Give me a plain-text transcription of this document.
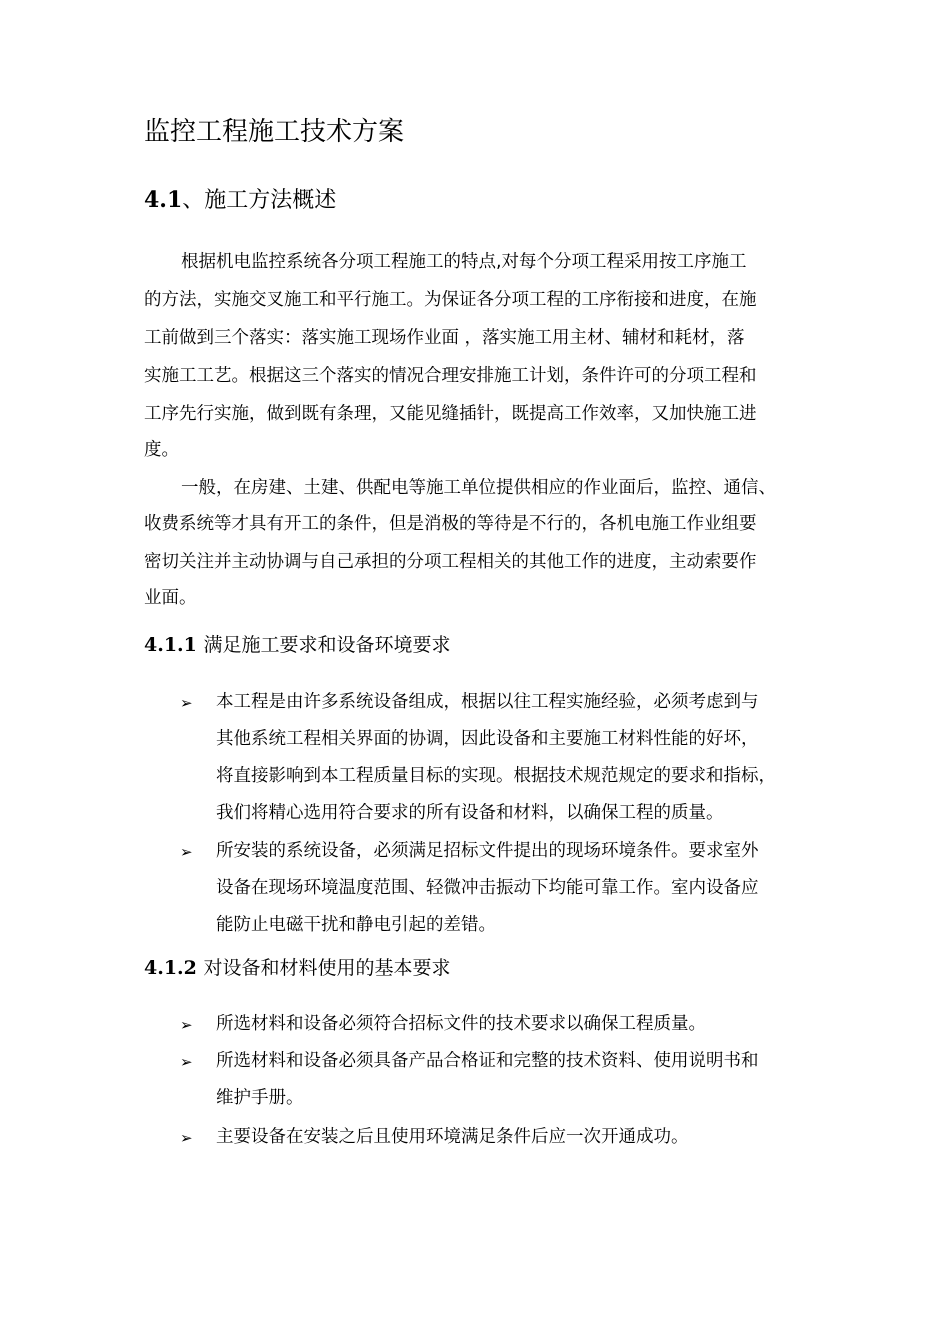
监控工程施工技术方案
4.1、施工方法概述

根据机电监控系统各分项工程施工的特点,对每个分项工程采用按工序施工

的方法，实施交叉施工和平行施工。为保证各分项工程的工序衔接和进度，在施

工前做到三个落实：落实施工现场作业面 ，落实施工用主材、辅材和耗材，落

实施工工艺。根据这三个落实的情况合理安排施工计划，条件许可的分项工程和

工序先行实施，做到既有条理，又能见缝插针，既提高工作效率，又加快施工进

度。

一般，在房建、土建、供配电等施工单位提供相应的作业面后，监控、通信、

收费系统等才具有开工的条件，但是消极的等待是不行的，各机电施工作业组要

密切关注并主动协调与自己承担的分项工程相关的其他工作的进度，主动索要作

业面。

4.1.1 满足施工要求和设备环境要求
➢ 本工程是由许多系统设备组成，根据以往工程实施经验，必须考虑到与

其他系统工程相关界面的协调，因此设备和主要施工材料性能的好坏，

将直接影响到本工程质量目标的实现。根据技术规范规定的要求和指标，

我们将精心选用符合要求的所有设备和材料，以确保工程的质量。

➢ 所安装的系统设备，必须满足招标文件提出的现场环境条件。要求室外

设备在现场环境温度范围、轻微冲击振动下均能可靠工作。室内设备应

能防止电磁干扰和静电引起的差错。

4.1.2 对设备和材料使用的基本要求
➢ 所选材料和设备必须符合招标文件的技术要求以确保工程质量。

➢ 所选材料和设备必须具备产品合格证和完整的技术资料、使用说明书和

维护手册。

➢ 主要设备在安装之后且使用环境满足条件后应一次开通成功。
